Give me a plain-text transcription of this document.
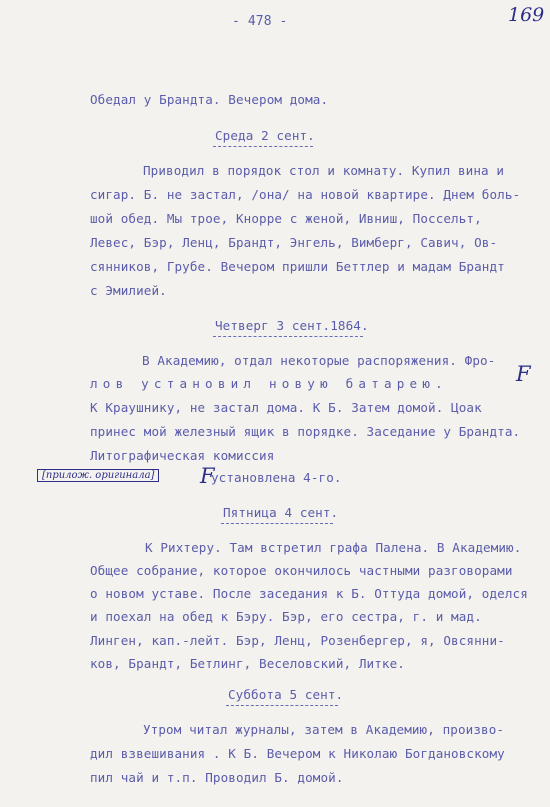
- 478 -	169
Обедал у Брандта. Вечером дома.
Среда 2 сент.
Приводил в порядок стол и комнату. Купил вина и
сигар. Б. не застал, /она/ на новой квартире. Днем боль-
шой обед. Мы трое, Кнорре с женой, Ивниш, Поссельт,
Левес, Бэр, Ленц, Брандт, Энгель, Вимберг, Савич, Ов-
сянников, Грубе. Вечером пришли Беттлер и мадам Брандт
с Эмилией.
Четверг 3 сент.1864.
В Академию, отдал некоторые распоряжения. Фро-
лов установил новую батарею.	F
К Краушнику, не застал дома. К Б. Затем домой. Цоак
принес мой железный ящик в порядке. Заседание у Брандта.
Литографическая комиссия
[прилож. оригинала] F
установлена 4-го.
Пятница 4 сент.
К Рихтеру. Там встретил графа Палена. В Академию.
Общее собрание, которое окончилось частными разговорами
о новом уставе. После заседания к Б. Оттуда домой, оделся
и поехал на обед к Бэру. Бэр, его сестра, г. и мад.
Линген, кап.-лейт. Бэр, Ленц, Розенбергер, я, Овсянни-
ков, Брандт, Бетлинг, Веселовский, Литке.
Суббота 5 сент.
Утром читал журналы, затем в Академию, произво-
дил взвешивания . К Б. Вечером к Николаю Богдановскому
пил чай и т.п. Проводил Б. домой.
